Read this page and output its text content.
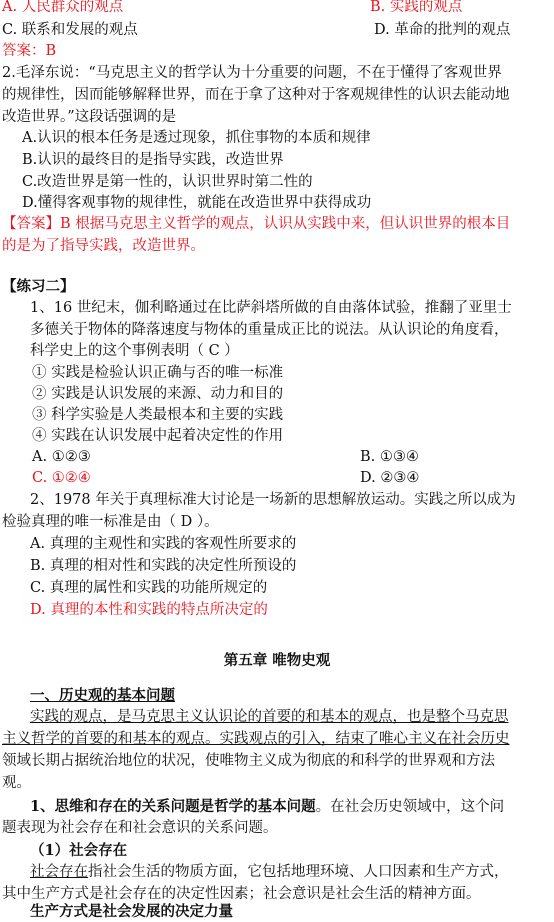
A. 人民群众的观点	B. 实践的观点
C. 联系和发展的观点	D. 革命的批判的观点
答案：B
2.毛泽东说：“马克思主义的哲学认为十分重要的问题，不在于懂得了客观世界
的规律性，因而能够解释世界，而在于拿了这种对于客观规律性的认识去能动地
改造世界。”这段话强调的是
A.认识的根本任务是透过现象，抓住事物的本质和规律
B.认识的最终目的是指导实践，改造世界
C.改造世界是第一性的，认识世界时第二性的
D.懂得客观事物的规律性，就能在改造世界中获得成功
【答案】B 根据马克思主义哲学的观点，认识从实践中来，但认识世界的根本目
的是为了指导实践，改造世界。
【练习二】
1、16 世纪末，伽利略通过在比萨斜塔所做的自由落体试验，推翻了亚里士
多德关于物体的降落速度与物体的重量成正比的说法。从认识论的角度看，
科学史上的这个事例表明（ C ）
① 实践是检验认识正确与否的唯一标准
② 实践是认识发展的来源、动力和目的
③ 科学实验是人类最根本和主要的实践
④ 实践在认识发展中起着决定性的作用
A. ①②③	B. ①③④
C. ①②④	D. ②③④
2、1978 年关于真理标准大讨论是一场新的思想解放运动。实践之所以成为
检验真理的唯一标准是由（ D ）。
A. 真理的主观性和实践的客观性所要求的
B. 真理的相对性和实践的决定性所预设的
C. 真理的属性和实践的功能所规定的
D. 真理的本性和实践的特点所决定的
第五章 唯物史观
一、历史观的基本问题
实践的观点，是马克思主义认识论的首要的和基本的观点，也是整个马克思
主义哲学的首要的和基本的观点。实践观点的引入，结束了唯心主义在社会历史
领域长期占据统治地位的状况，使唯物主义成为彻底的和科学的世界观和方法
观。
1、思维和存在的关系问题是哲学的基本问题。在社会历史领域中，这个问
题表现为社会存在和社会意识的关系问题。
（1）社会存在
社会存在指社会生活的物质方面，它包括地理环境、人口因素和生产方式，
其中生产方式是社会存在的决定性因素；社会意识是社会生活的精神方面。
生产方式是社会发展的决定力量
